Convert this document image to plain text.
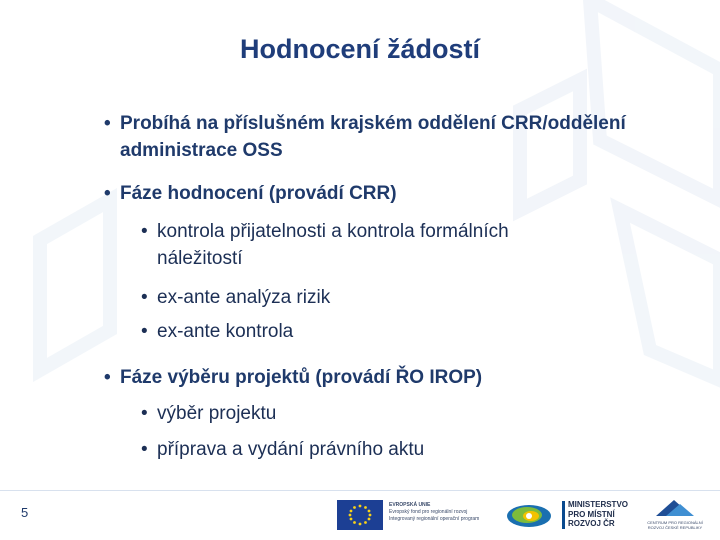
Hodnocení žádostí
• Probíhá na příslušném krajském oddělení CRR/oddělení
administrace OSS
• Fáze hodnocení (provádí CRR)
• kontrola přijatelnosti a kontrola formálních
náležitostí
• ex-ante analýza rizik
• ex-ante kontrola
• Fáze výběru projektů (provádí ŘO IROP)
• výběr projektu
• příprava a vydání právního aktu
5	EVROPSKÁ UNIE
Evropský fond pro regionální rozvoj
Integrovaný regionální operační program
MINISTERSTVO
PRO MÍSTNÍ
ROZVOJ ČR	CENTRUM PRO REGIONÁLNÍ ROZVOJ ČESKÉ REPUBLIKY
